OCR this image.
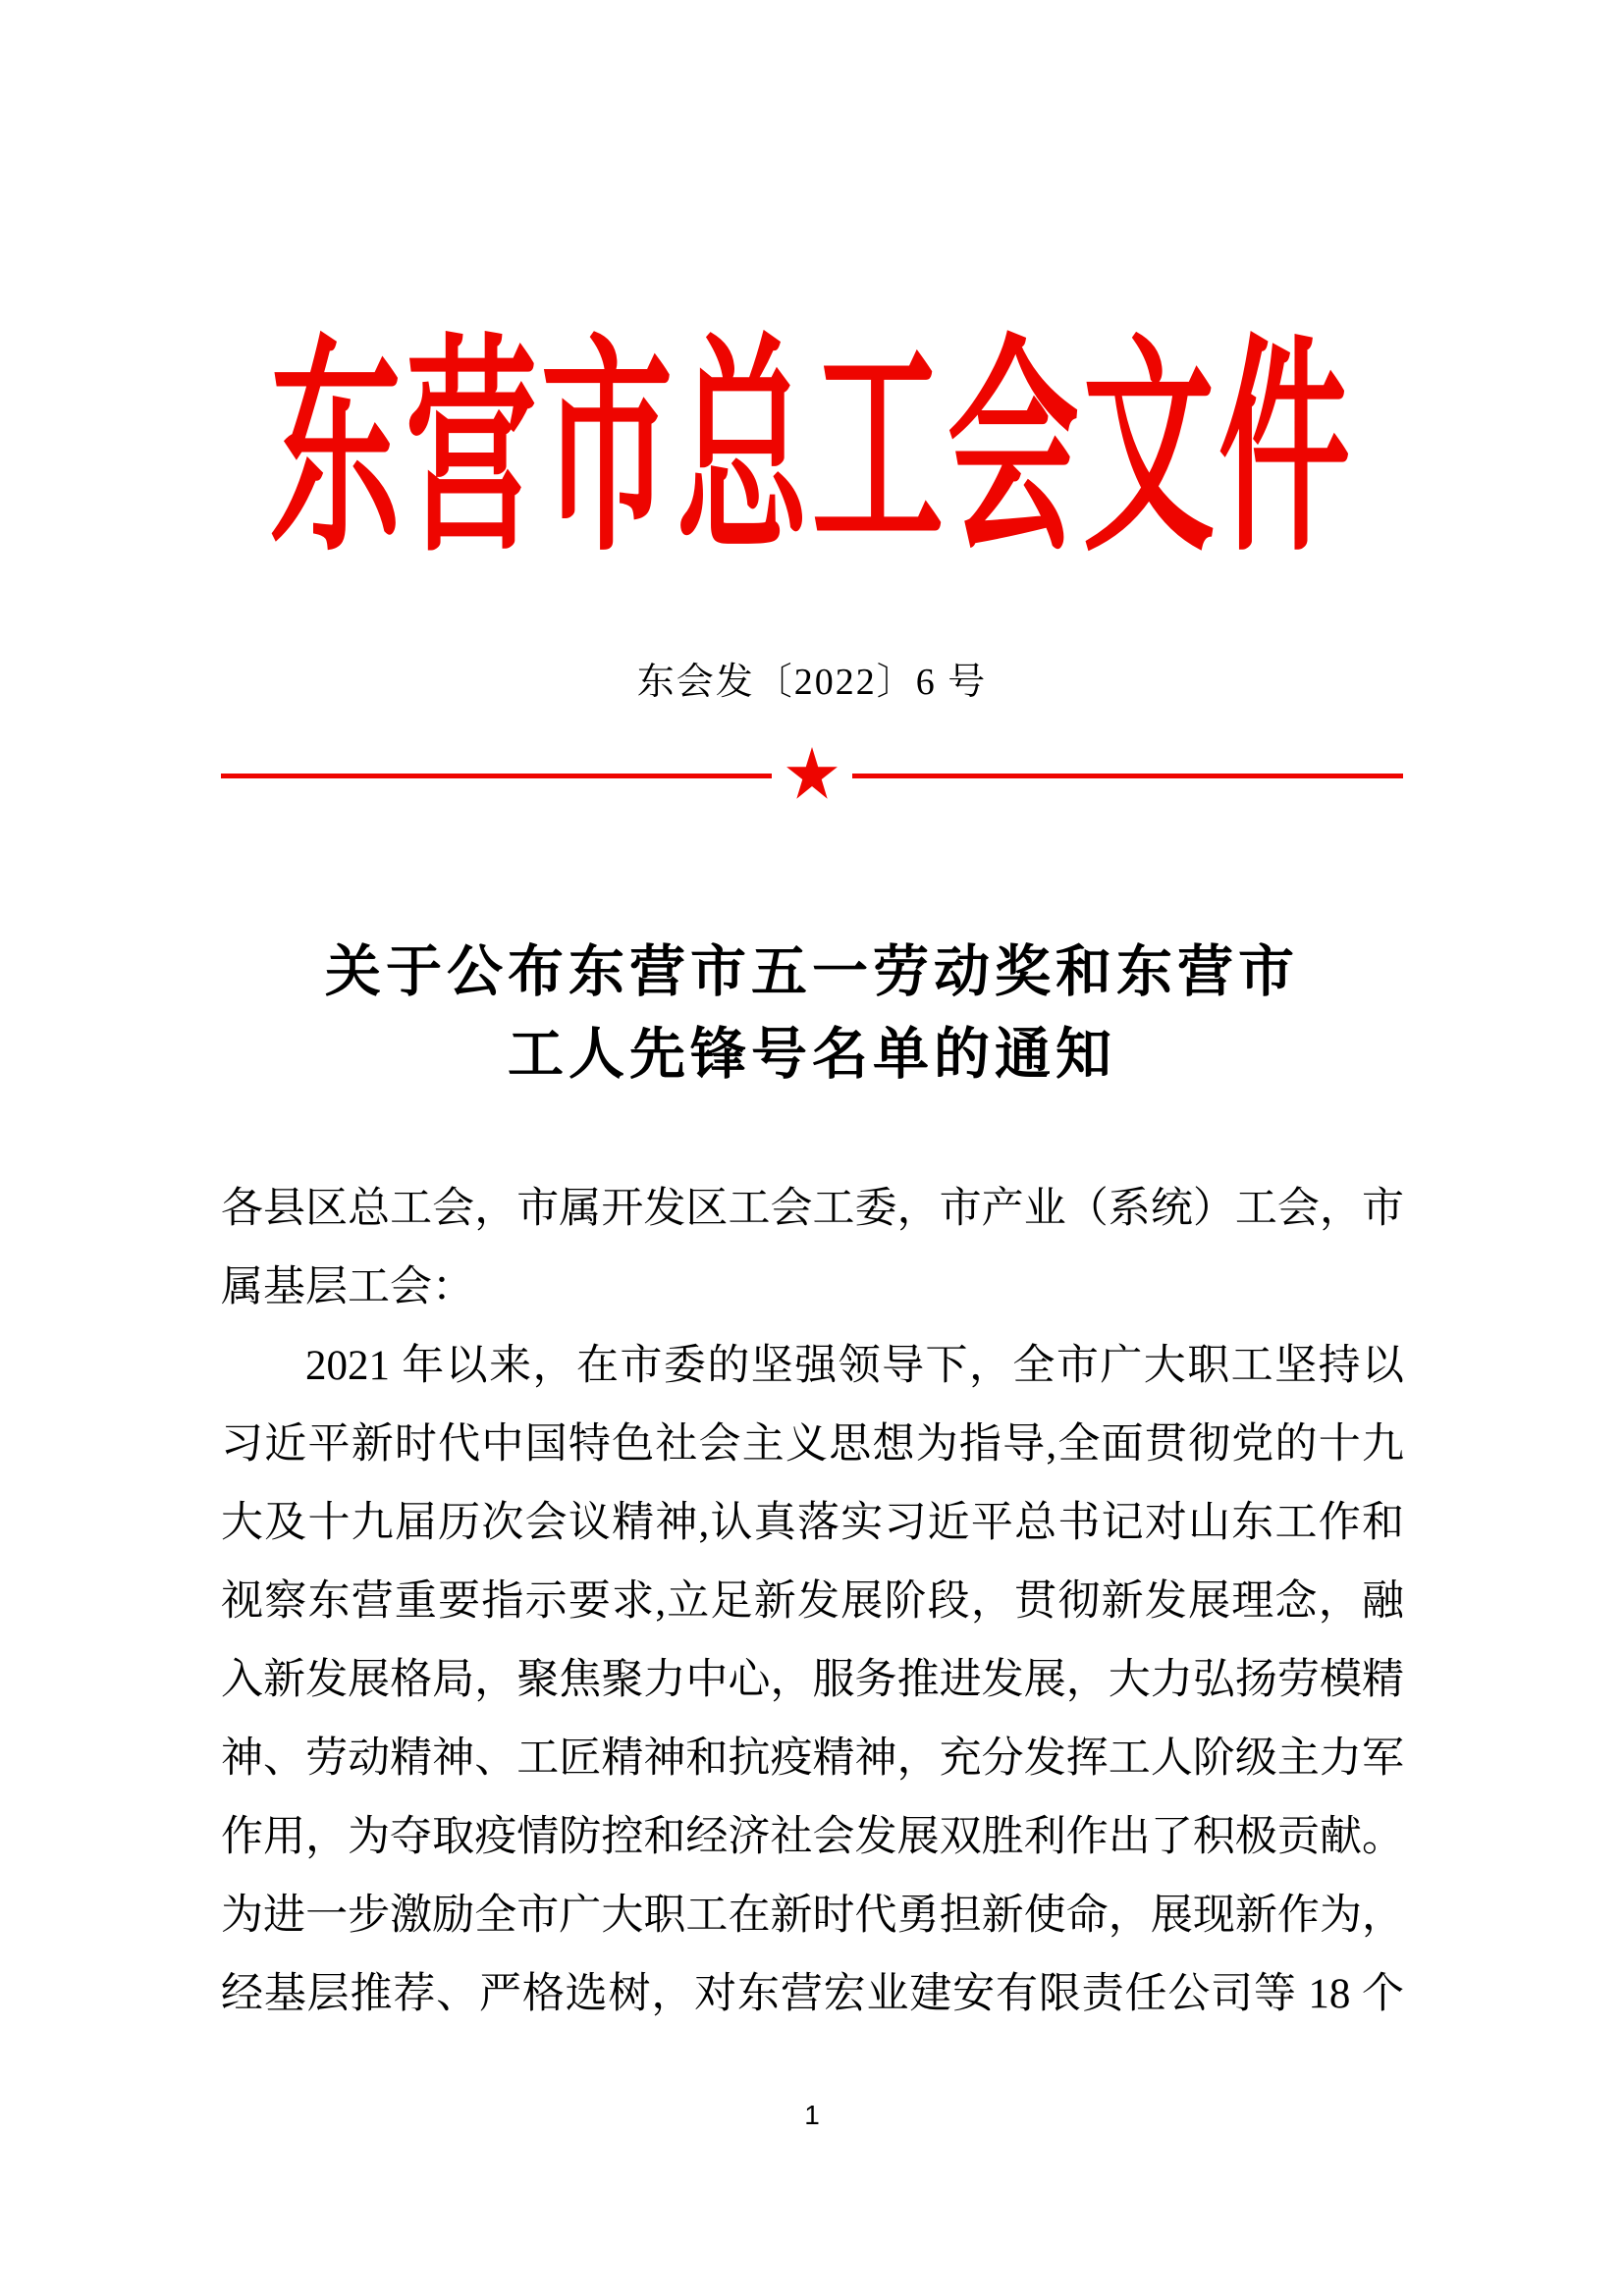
东营市总工会文件
东会发〔2022〕6 号
关于公布东营市五一劳动奖和东营市
工人先锋号名单的通知
各县区总工会，市属开发区工会工委，市产业（系统）工会，市
属基层工会：
2021 年以来，在市委的坚强领导下，全市广大职工坚持以
习近平新时代中国特色社会主义思想为指导,全面贯彻党的十九
大及十九届历次会议精神,认真落实习近平总书记对山东工作和
视察东营重要指示要求,立足新发展阶段，贯彻新发展理念，融
入新发展格局，聚焦聚力中心，服务推进发展，大力弘扬劳模精
神、劳动精神、工匠精神和抗疫精神，充分发挥工人阶级主力军
作用，为夺取疫情防控和经济社会发展双胜利作出了积极贡献。
为进一步激励全市广大职工在新时代勇担新使命，展现新作为，
经基层推荐、严格选树，对东营宏业建安有限责任公司等 18 个
1
